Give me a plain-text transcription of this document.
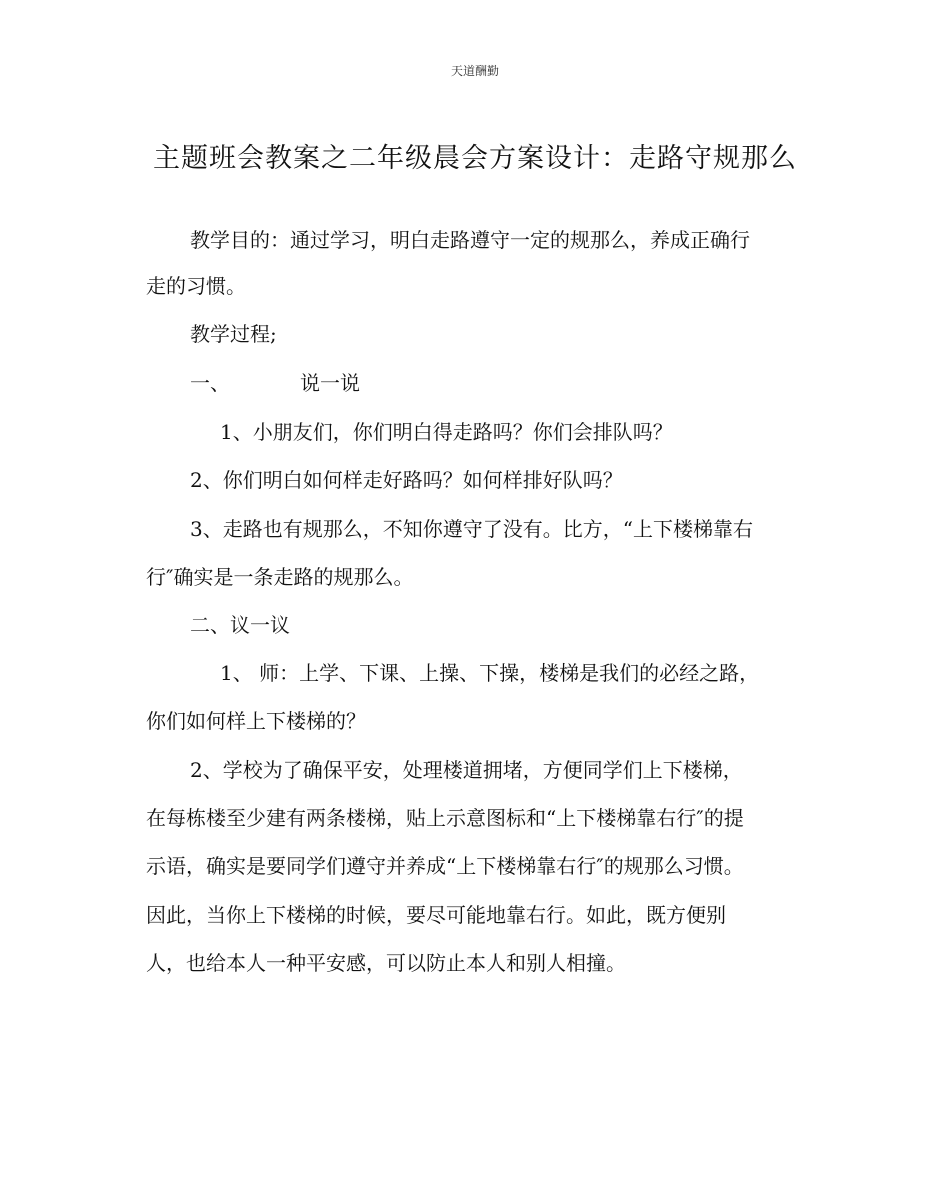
天道酬勤
主题班会教案之二年级晨会方案设计：走路守规那么
教学目的：通过学习，明白走路遵守一定的规那么，养成正确行
走的习惯。
教学过程;
一、	说一说
1、小朋友们，你们明白得走路吗？你们会排队吗？
2、你们明白如何样走好路吗？如何样排好队吗？
3、走路也有规那么，不知你遵守了没有。比方，“上下楼梯靠右
行″确实是一条走路的规那么。
二、议一议
1、 师：上学、下课、上操、下操，楼梯是我们的必经之路，
你们如何样上下楼梯的？
2、学校为了确保平安，处理楼道拥堵，方便同学们上下楼梯，
在每栋楼至少建有两条楼梯，贴上示意图标和“上下楼梯靠右行″的提
示语，确实是要同学们遵守并养成“上下楼梯靠右行″的规那么习惯。
因此，当你上下楼梯的时候，要尽可能地靠右行。如此，既方便别
人，也给本人一种平安感，可以防止本人和别人相撞。
